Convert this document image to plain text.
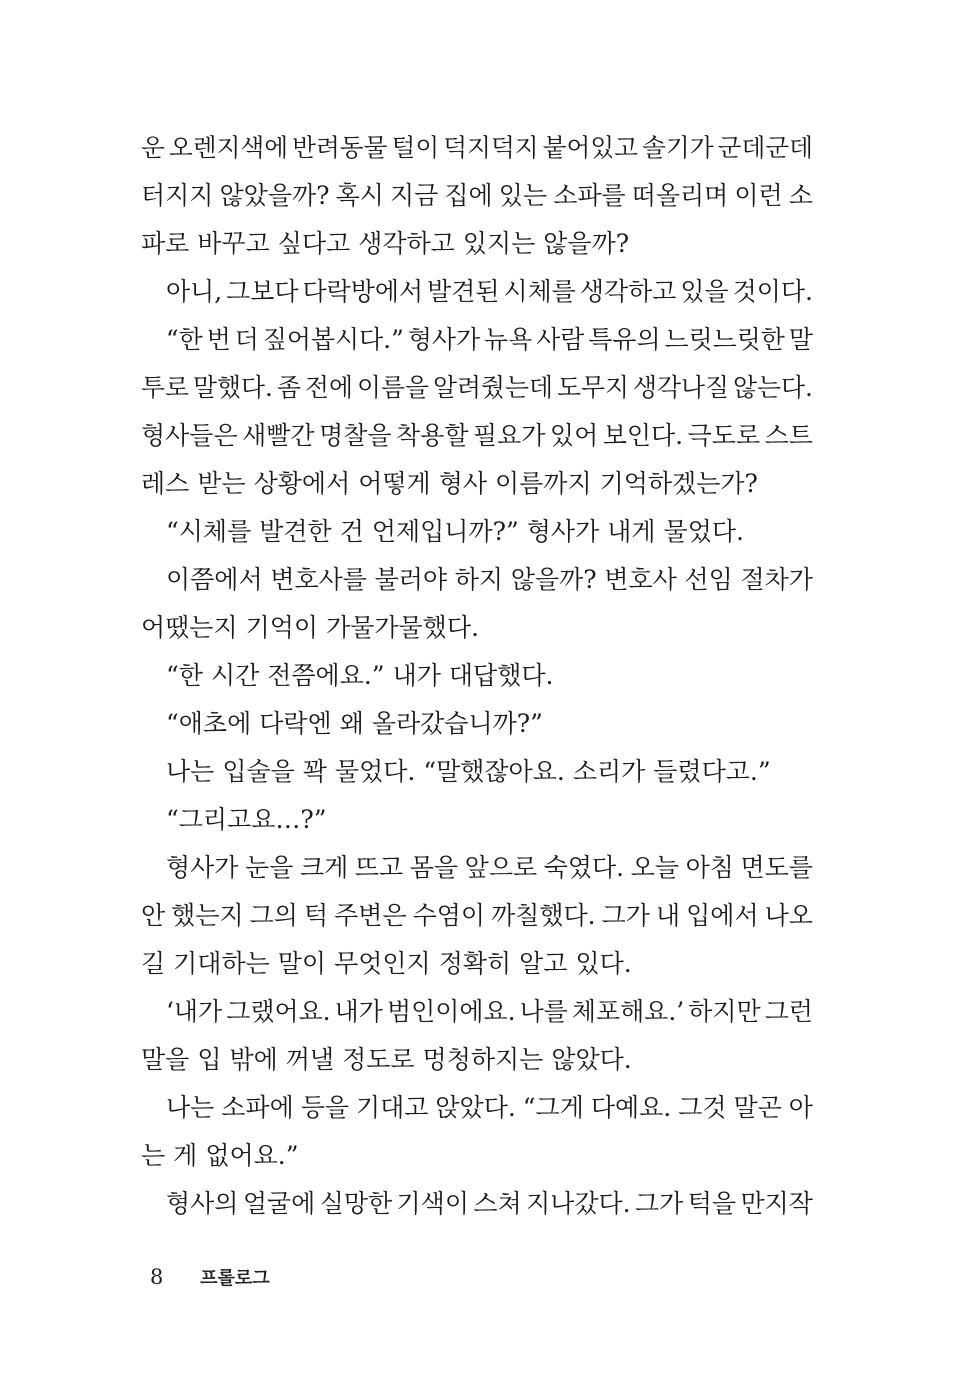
운 오렌지색에 반려동물 털이 덕지덕지 붙어있고 솔기가 군데군데
터지지 않았을까? 혹시 지금 집에 있는 소파를 떠올리며 이런 소
파로 바꾸고 싶다고 생각하고 있지는 않을까?
아니, 그보다 다락방에서 발견된 시체를 생각하고 있을 것이다.
“한 번 더 짚어봅시다.” 형사가 뉴욕 사람 특유의 느릿느릿한 말
투로 말했다. 좀 전에 이름을 알려줬는데 도무지 생각나질 않는다.
형사들은 새빨간 명찰을 착용할 필요가 있어 보인다. 극도로 스트
레스 받는 상황에서 어떻게 형사 이름까지 기억하겠는가?
“시체를 발견한 건 언제입니까?” 형사가 내게 물었다.
이쯤에서 변호사를 불러야 하지 않을까? 변호사 선임 절차가
어땠는지 기억이 가물가물했다.
“한 시간 전쯤에요.” 내가 대답했다.
“애초에 다락엔 왜 올라갔습니까?”
나는 입술을 꽉 물었다. “말했잖아요. 소리가 들렸다고.”
“그리고요…?”
형사가 눈을 크게 뜨고 몸을 앞으로 숙였다. 오늘 아침 면도를
안 했는지 그의 턱 주변은 수염이 까칠했다. 그가 내 입에서 나오
길 기대하는 말이 무엇인지 정확히 알고 있다.
‘내가 그랬어요. 내가 범인이에요. 나를 체포해요.’ 하지만 그런
말을 입 밖에 꺼낼 정도로 멍청하지는 않았다.
나는 소파에 등을 기대고 앉았다. “그게 다예요. 그것 말곤 아
는 게 없어요.”
형사의 얼굴에 실망한 기색이 스쳐 지나갔다. 그가 턱을 만지작
8 프롤로그
